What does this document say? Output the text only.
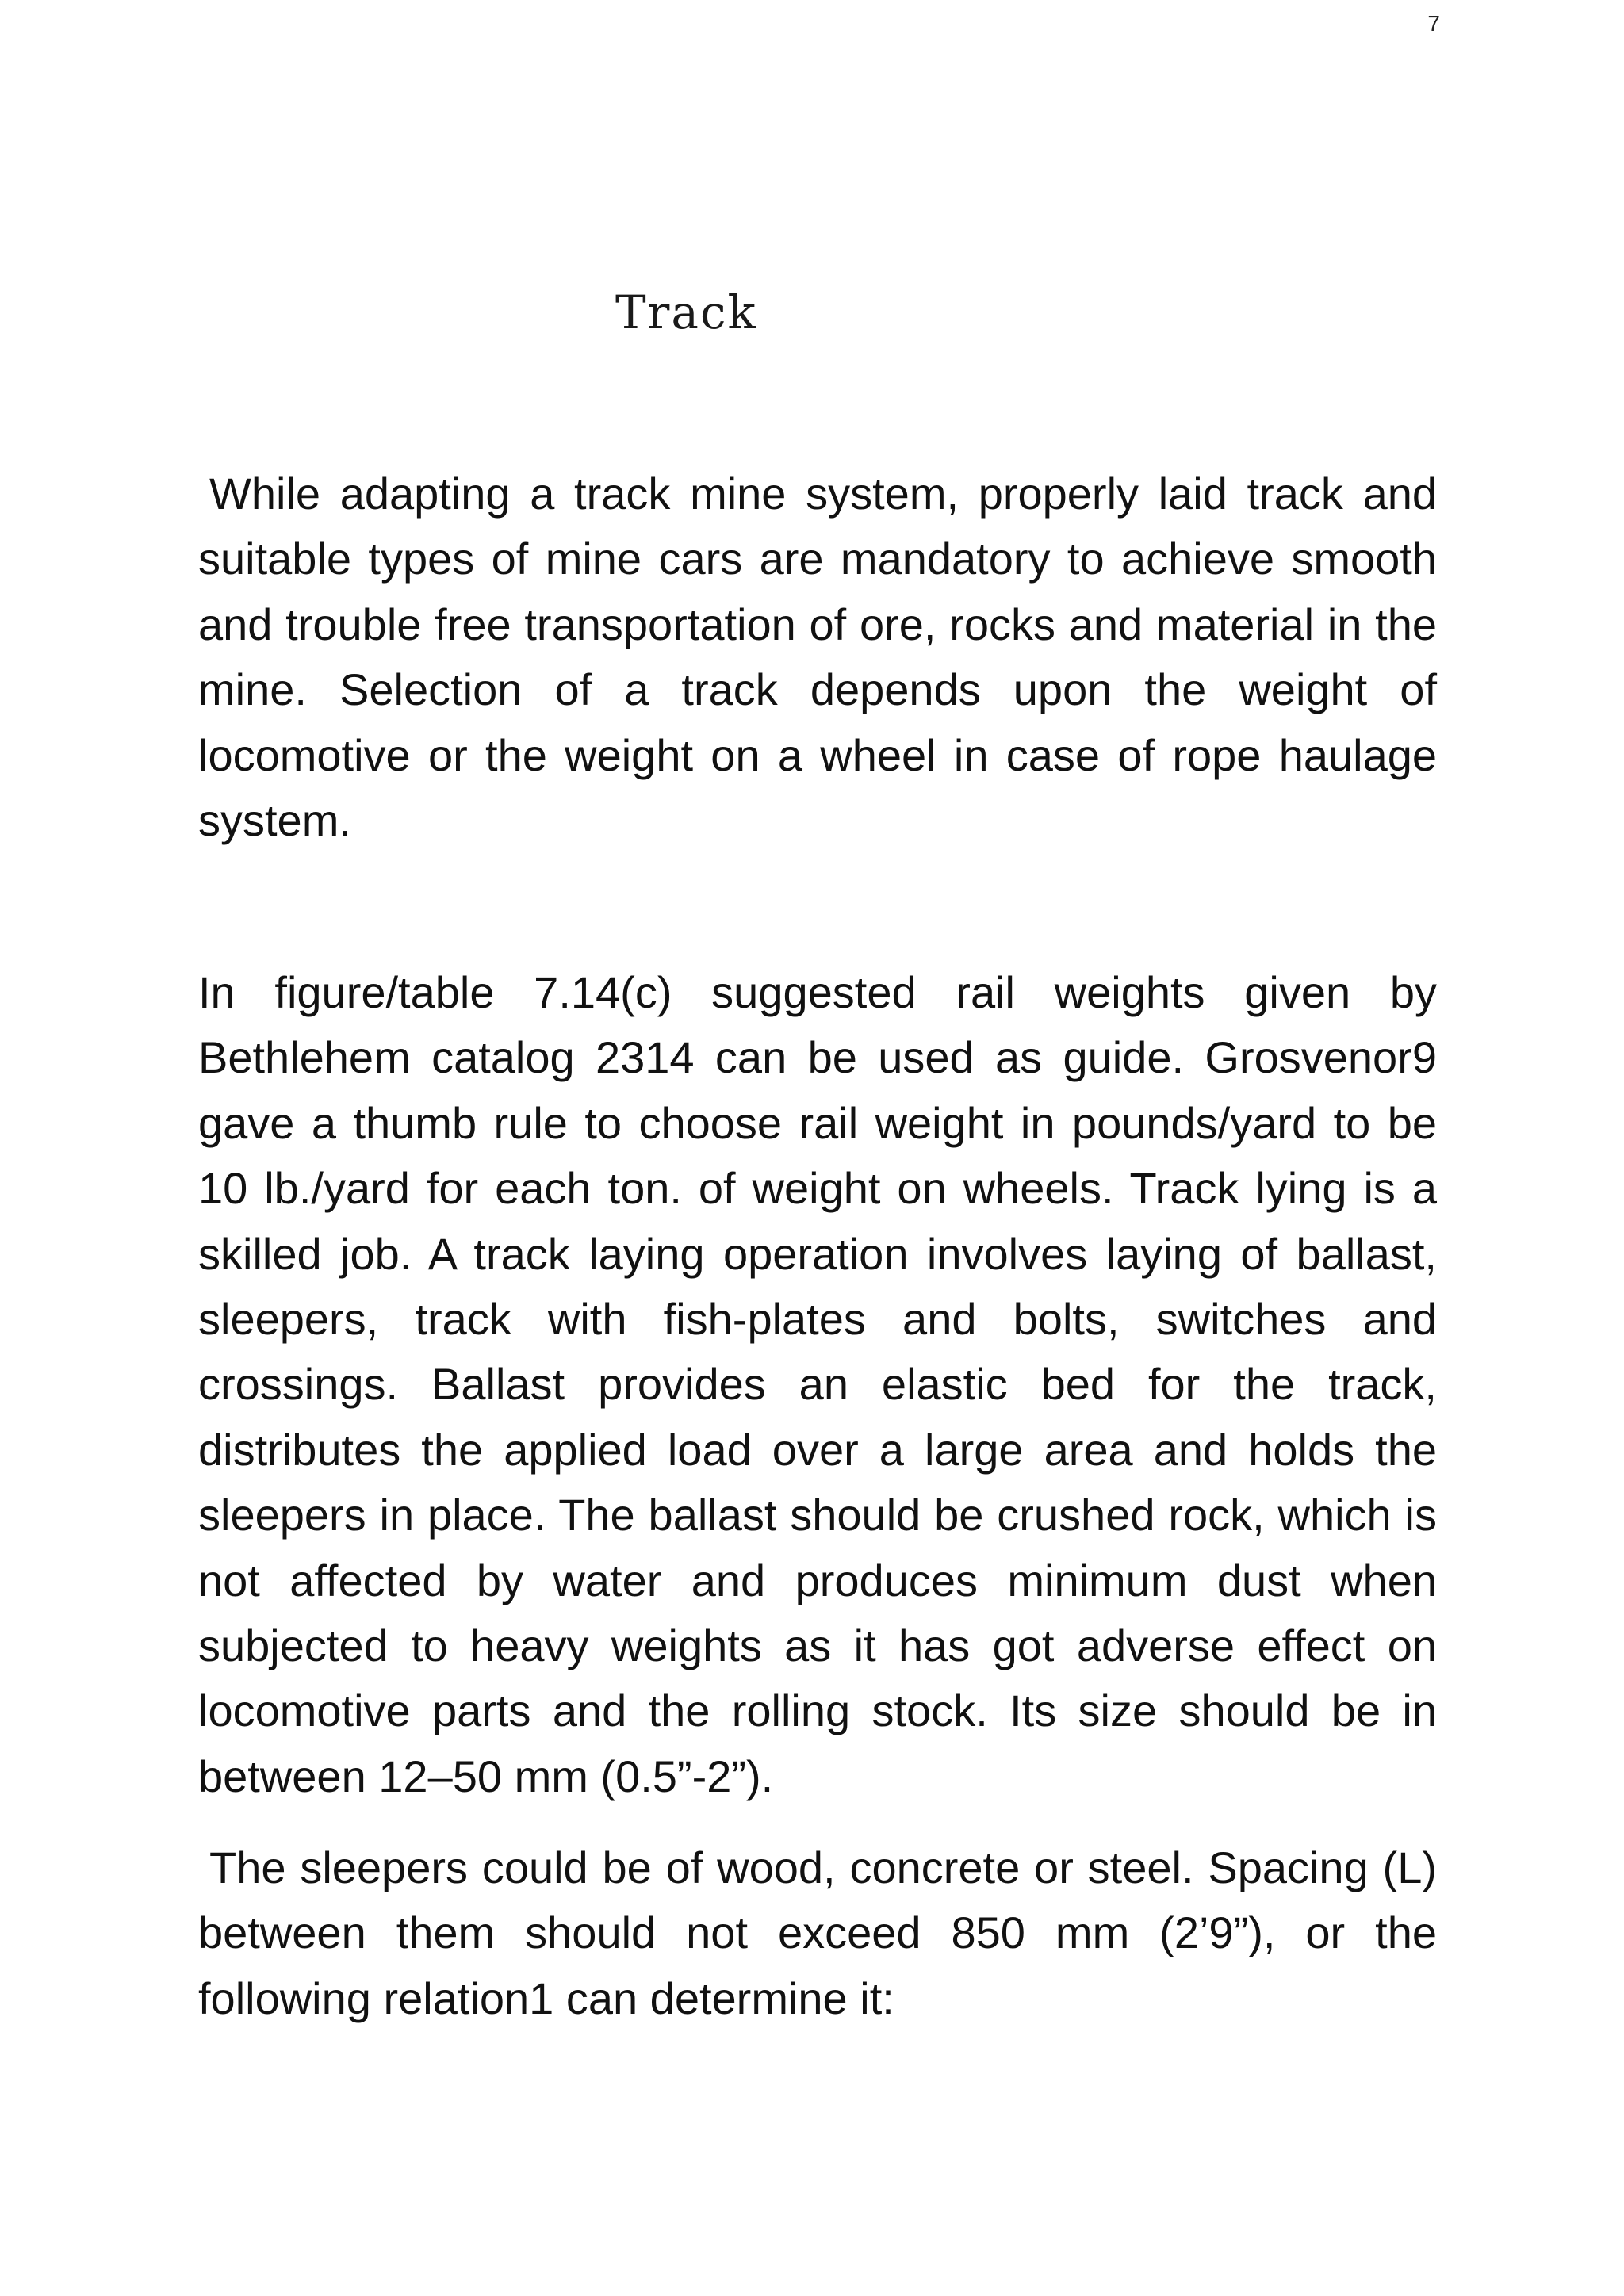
7
Track

While adapting a track mine system, properly laid track and suitable types of mine cars are mandatory to achieve smooth and trouble free transportation of ore, rocks and material in the mine. Selection of a track depends upon the weight of locomotive or the weight on a wheel in case of rope haulage system.

In figure/table 7.14(c) suggested rail weights given by Bethlehem catalog 2314 can be used as guide. Grosvenor9 gave a thumb rule to choose rail weight in pounds/yard to be 10 lb./yard for each ton. of weight on wheels. Track lying is a skilled job. A track laying operation involves laying of ballast, sleepers, track with fish-plates and bolts, switches and crossings. Ballast provides an elastic bed for the track, distributes the applied load over a large area and holds the sleepers in place. The ballast should be crushed rock, which is not affected by water and produces minimum dust when subjected to heavy weights as it has got adverse effect on locomotive parts and the rolling stock. Its size should be in between 12–50 mm (0.5”-2”).

The sleepers could be of wood, concrete or steel. Spacing (L) between them should not exceed 850 mm (2’9”), or the following relation1 can determine it:
